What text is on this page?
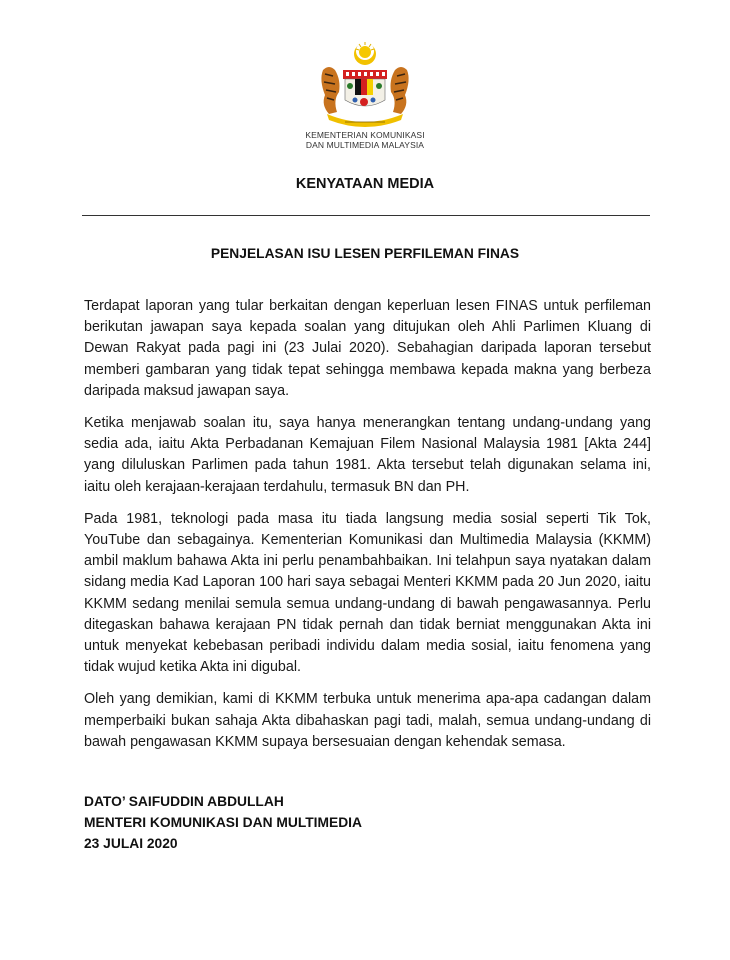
KEMENTERIAN KOMUNIKASI
DAN MULTIMEDIA MALAYSIA
KENYATAAN MEDIA
PENJELASAN ISU LESEN PERFILEMAN FINAS

Terdapat laporan yang tular berkaitan dengan keperluan lesen FINAS untuk perfileman berikutan jawapan saya kepada soalan yang ditujukan oleh Ahli Parlimen Kluang di Dewan Rakyat pada pagi ini (23 Julai 2020). Sebahagian daripada laporan tersebut memberi gambaran yang tidak tepat sehingga membawa kepada makna yang berbeza daripada maksud jawapan saya.

Ketika menjawab soalan itu, saya hanya menerangkan tentang undang-undang yang sedia ada, iaitu Akta Perbadanan Kemajuan Filem Nasional Malaysia 1981 [Akta 244] yang diluluskan Parlimen pada tahun 1981. Akta tersebut telah digunakan selama ini, iaitu oleh kerajaan-kerajaan terdahulu, termasuk BN dan PH.

Pada 1981, teknologi pada masa itu tiada langsung media sosial seperti Tik Tok, YouTube dan sebagainya. Kementerian Komunikasi dan Multimedia Malaysia (KKMM) ambil maklum bahawa Akta ini perlu penambahbaikan. Ini telahpun saya nyatakan dalam sidang media Kad Laporan 100 hari saya sebagai Menteri KKMM pada 20 Jun 2020, iaitu KKMM sedang menilai semula semua undang-undang di bawah pengawasannya. Perlu ditegaskan bahawa kerajaan PN tidak pernah dan tidak berniat menggunakan Akta ini untuk menyekat kebebasan peribadi individu dalam media sosial, iaitu fenomena yang tidak wujud ketika Akta ini digubal.

Oleh yang demikian, kami di KKMM terbuka untuk menerima apa-apa cadangan dalam memperbaiki bukan sahaja Akta dibahaskan pagi tadi, malah, semua undang-undang di bawah pengawasan KKMM supaya bersesuaian dengan kehendak semasa.

DATO’ SAIFUDDIN ABDULLAH
MENTERI KOMUNIKASI DAN MULTIMEDIA
23 JULAI 2020
